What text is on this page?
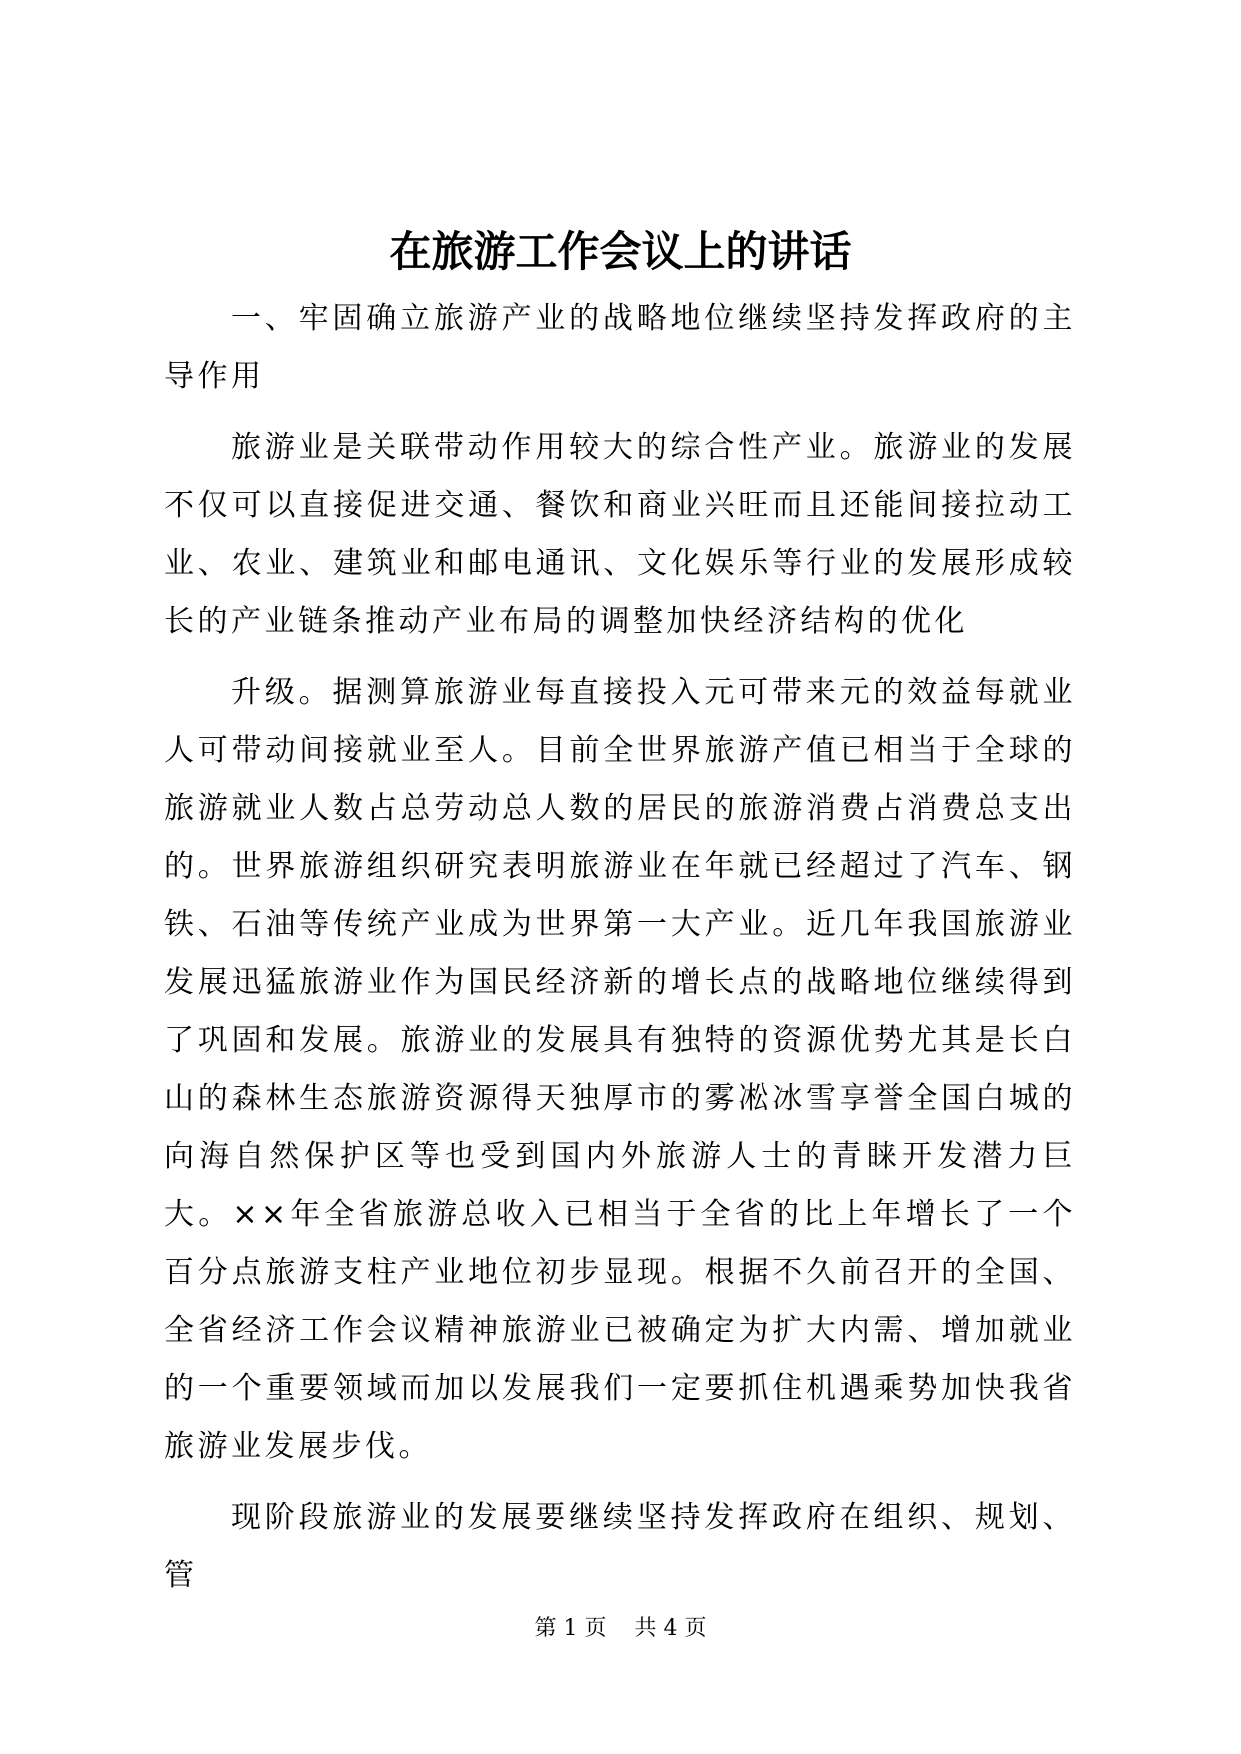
在旅游工作会议上的讲话

一、牢固确立旅游产业的战略地位继续坚持发挥政府的主导作用

旅游业是关联带动作用较大的综合性产业。旅游业的发展不仅可以直接促进交通、餐饮和商业兴旺而且还能间接拉动工业、农业、建筑业和邮电通讯、文化娱乐等行业的发展形成较长的产业链条推动产业布局的调整加快经济结构的优化

升级。据测算旅游业每直接投入元可带来元的效益每就业人可带动间接就业至人。目前全世界旅游产值已相当于全球的旅游就业人数占总劳动总人数的居民的旅游消费占消费总支出的。世界旅游组织研究表明旅游业在年就已经超过了汽车、钢铁、石油等传统产业成为世界第一大产业。近几年我国旅游业发展迅猛旅游业作为国民经济新的增长点的战略地位继续得到了巩固和发展。旅游业的发展具有独特的资源优势尤其是长白山的森林生态旅游资源得天独厚市的雾凇冰雪享誉全国白城的向海自然保护区等也受到国内外旅游人士的青睐开发潜力巨大。××年全省旅游总收入已相当于全省的比上年增长了一个百分点旅游支柱产业地位初步显现。根据不久前召开的全国、全省经济工作会议精神旅游业已被确定为扩大内需、增加就业的一个重要领域而加以发展我们一定要抓住机遇乘势加快我省旅游业发展步伐。

现阶段旅游业的发展要继续坚持发挥政府在组织、规划、管

第 1 页 共 4 页
